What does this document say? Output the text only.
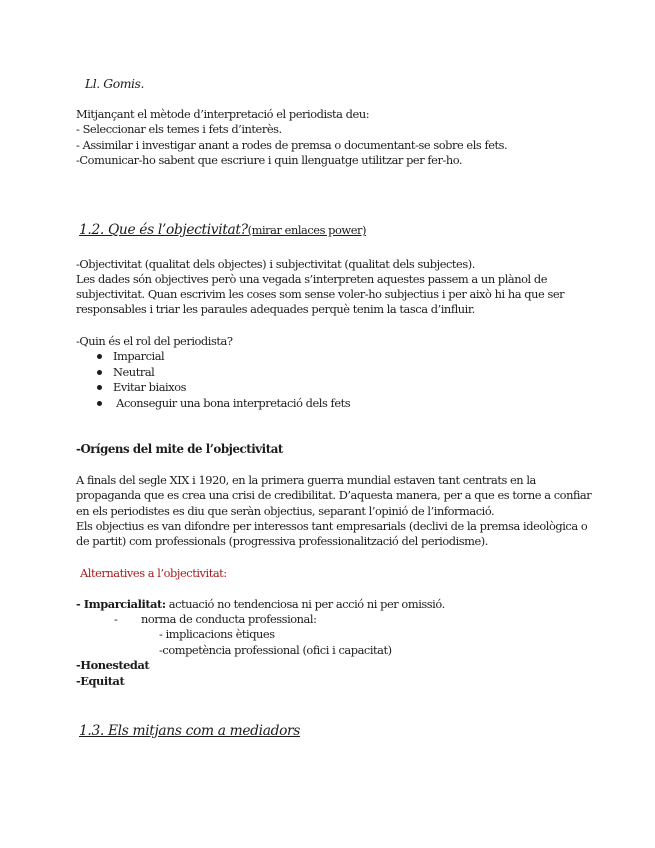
Ll. Gomis.
Mitjançant el mètode d’interpretació el periodista deu:
- Seleccionar els temes i fets d’interès.
- Assimilar i investigar anant a rodes de premsa o documentant-se sobre els fets.
-Comunicar-ho sabent que escriure i quin llenguatge utilitzar per fer-ho.
1.2. Que és l’objectivitat?(mirar enlaces power)
-Objectivitat (qualitat dels objectes) i subjectivitat (qualitat dels subjectes).
Les dades són objectives però una vegada s’interpreten aquestes passem a un plànol de
subjectivitat. Quan escrivim les coses som sense voler-ho subjectius i per això hi ha que ser
responsables i triar les paraules adequades perquè tenim la tasca d’influir.
-Quin és el rol del periodista?
Imparcial
Neutral
Evitar biaixos
Aconseguir una bona interpretació dels fets
-Orígens del mite de l’objectivitat
A finals del segle XIX i 1920, en la primera guerra mundial estaven tant centrats en la
propaganda que es crea una crisi de credibilitat. D’aquesta manera, per a que es torne a confiar
en els periodistes es diu que seràn objectius, separant l’opinió de l’informació.
Els objectius es van difondre per interessos tant empresarials (declivi de la premsa ideològica o
de partit) com professionals (progressiva professionalització del periodisme).
Alternatives a l’objectivitat:
- Imparcialitat: actuació no tendenciosa ni per acció ni per omissió.
- norma de conducta professional:
- implicacions ètiques
-competència professional (ofici i capacitat)
-Honestedat
-Equitat
1.3. Els mitjans com a mediadors
